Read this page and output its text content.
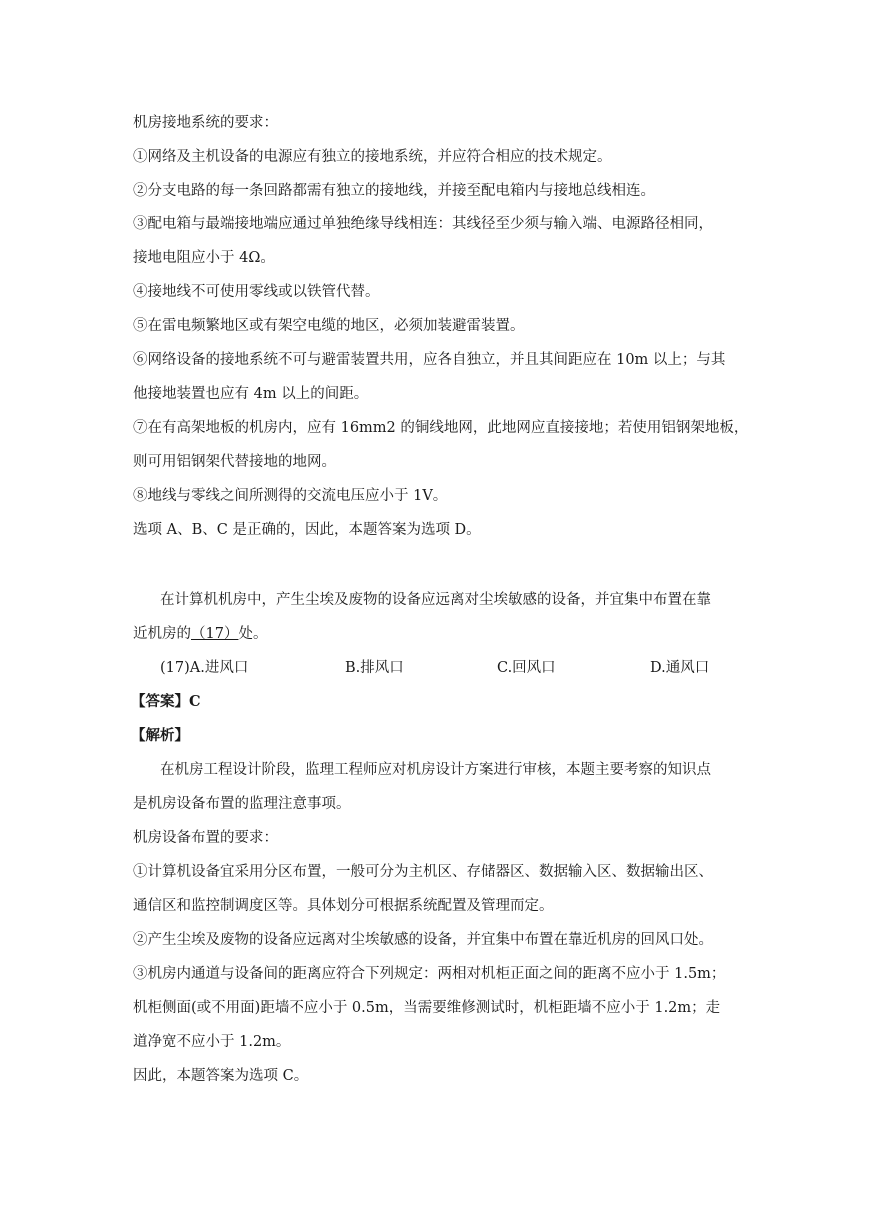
机房接地系统的要求：
①网络及主机设备的电源应有独立的接地系统，并应符合相应的技术规定。
②分支电路的每一条回路都需有独立的接地线，并接至配电箱内与接地总线相连。
③配电箱与最端接地端应通过单独绝缘导线相连：其线径至少须与输入端、电源路径相同，
接地电阻应小于 4Ω。
④接地线不可使用零线或以铁管代替。
⑤在雷电频繁地区或有架空电缆的地区，必须加装避雷装置。
⑥网络设备的接地系统不可与避雷装置共用，应各自独立，并且其间距应在 10m 以上；与其
他接地装置也应有 4m 以上的间距。
⑦在有高架地板的机房内，应有 16mm2 的铜线地网，此地网应直接接地；若使用铝钢架地板，
则可用铝钢架代替接地的地网。
⑧地线与零线之间所测得的交流电压应小于 1V。
选项 A、B、C 是正确的，因此，本题答案为选项 D。
在计算机机房中，产生尘埃及废物的设备应远离对尘埃敏感的设备，并宜集中布置在靠
近机房的（17）处。
(17)A.进风口	B.排风口	C.回风口	D.通风口
【答案】C
【解析】
在机房工程设计阶段，监理工程师应对机房设计方案进行审核，本题主要考察的知识点
是机房设备布置的监理注意事项。
机房设备布置的要求：
①计算机设备宜采用分区布置，一般可分为主机区、存储器区、数据输入区、数据输出区、
通信区和监控制调度区等。具体划分可根据系统配置及管理而定。
②产生尘埃及废物的设备应远离对尘埃敏感的设备，并宜集中布置在靠近机房的回风口处。
③机房内通道与设备间的距离应符合下列规定：两相对机柜正面之间的距离不应小于 1.5m；
机柜侧面(或不用面)距墙不应小于 0.5m，当需要维修测试时，机柜距墙不应小于 1.2m；走
道净宽不应小于 1.2m。
因此，本题答案为选项 C。
